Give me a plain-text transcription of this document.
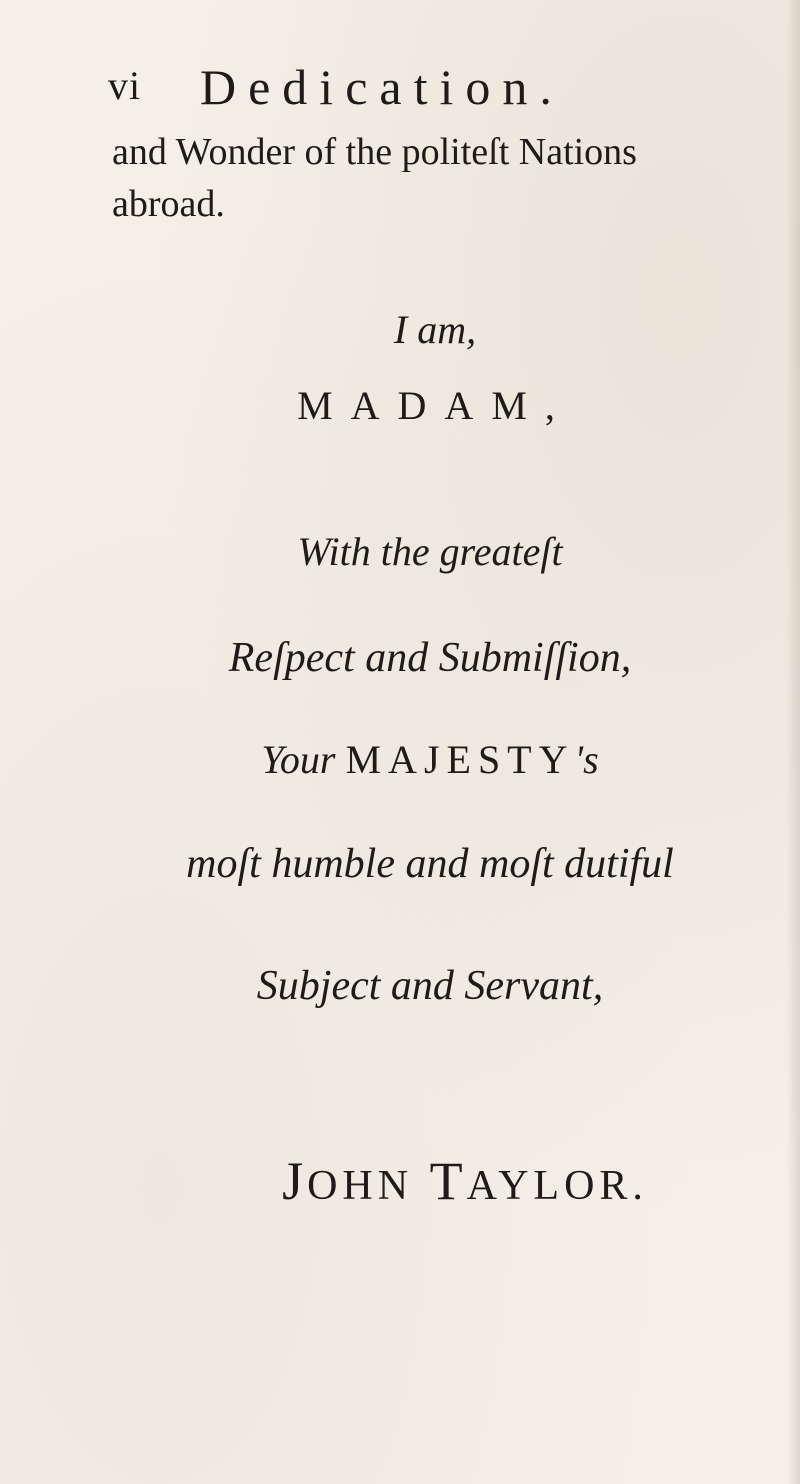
vi Dedication.

and Wonder of the politeſt Nations

abroad.

I am,
MADAM,
With the greateſt
Reſpect and Submiſſion,
Your MAJESTY's
moſt humble and moſt dutiful
Subject and Servant,
JOHN TAYLOR.
